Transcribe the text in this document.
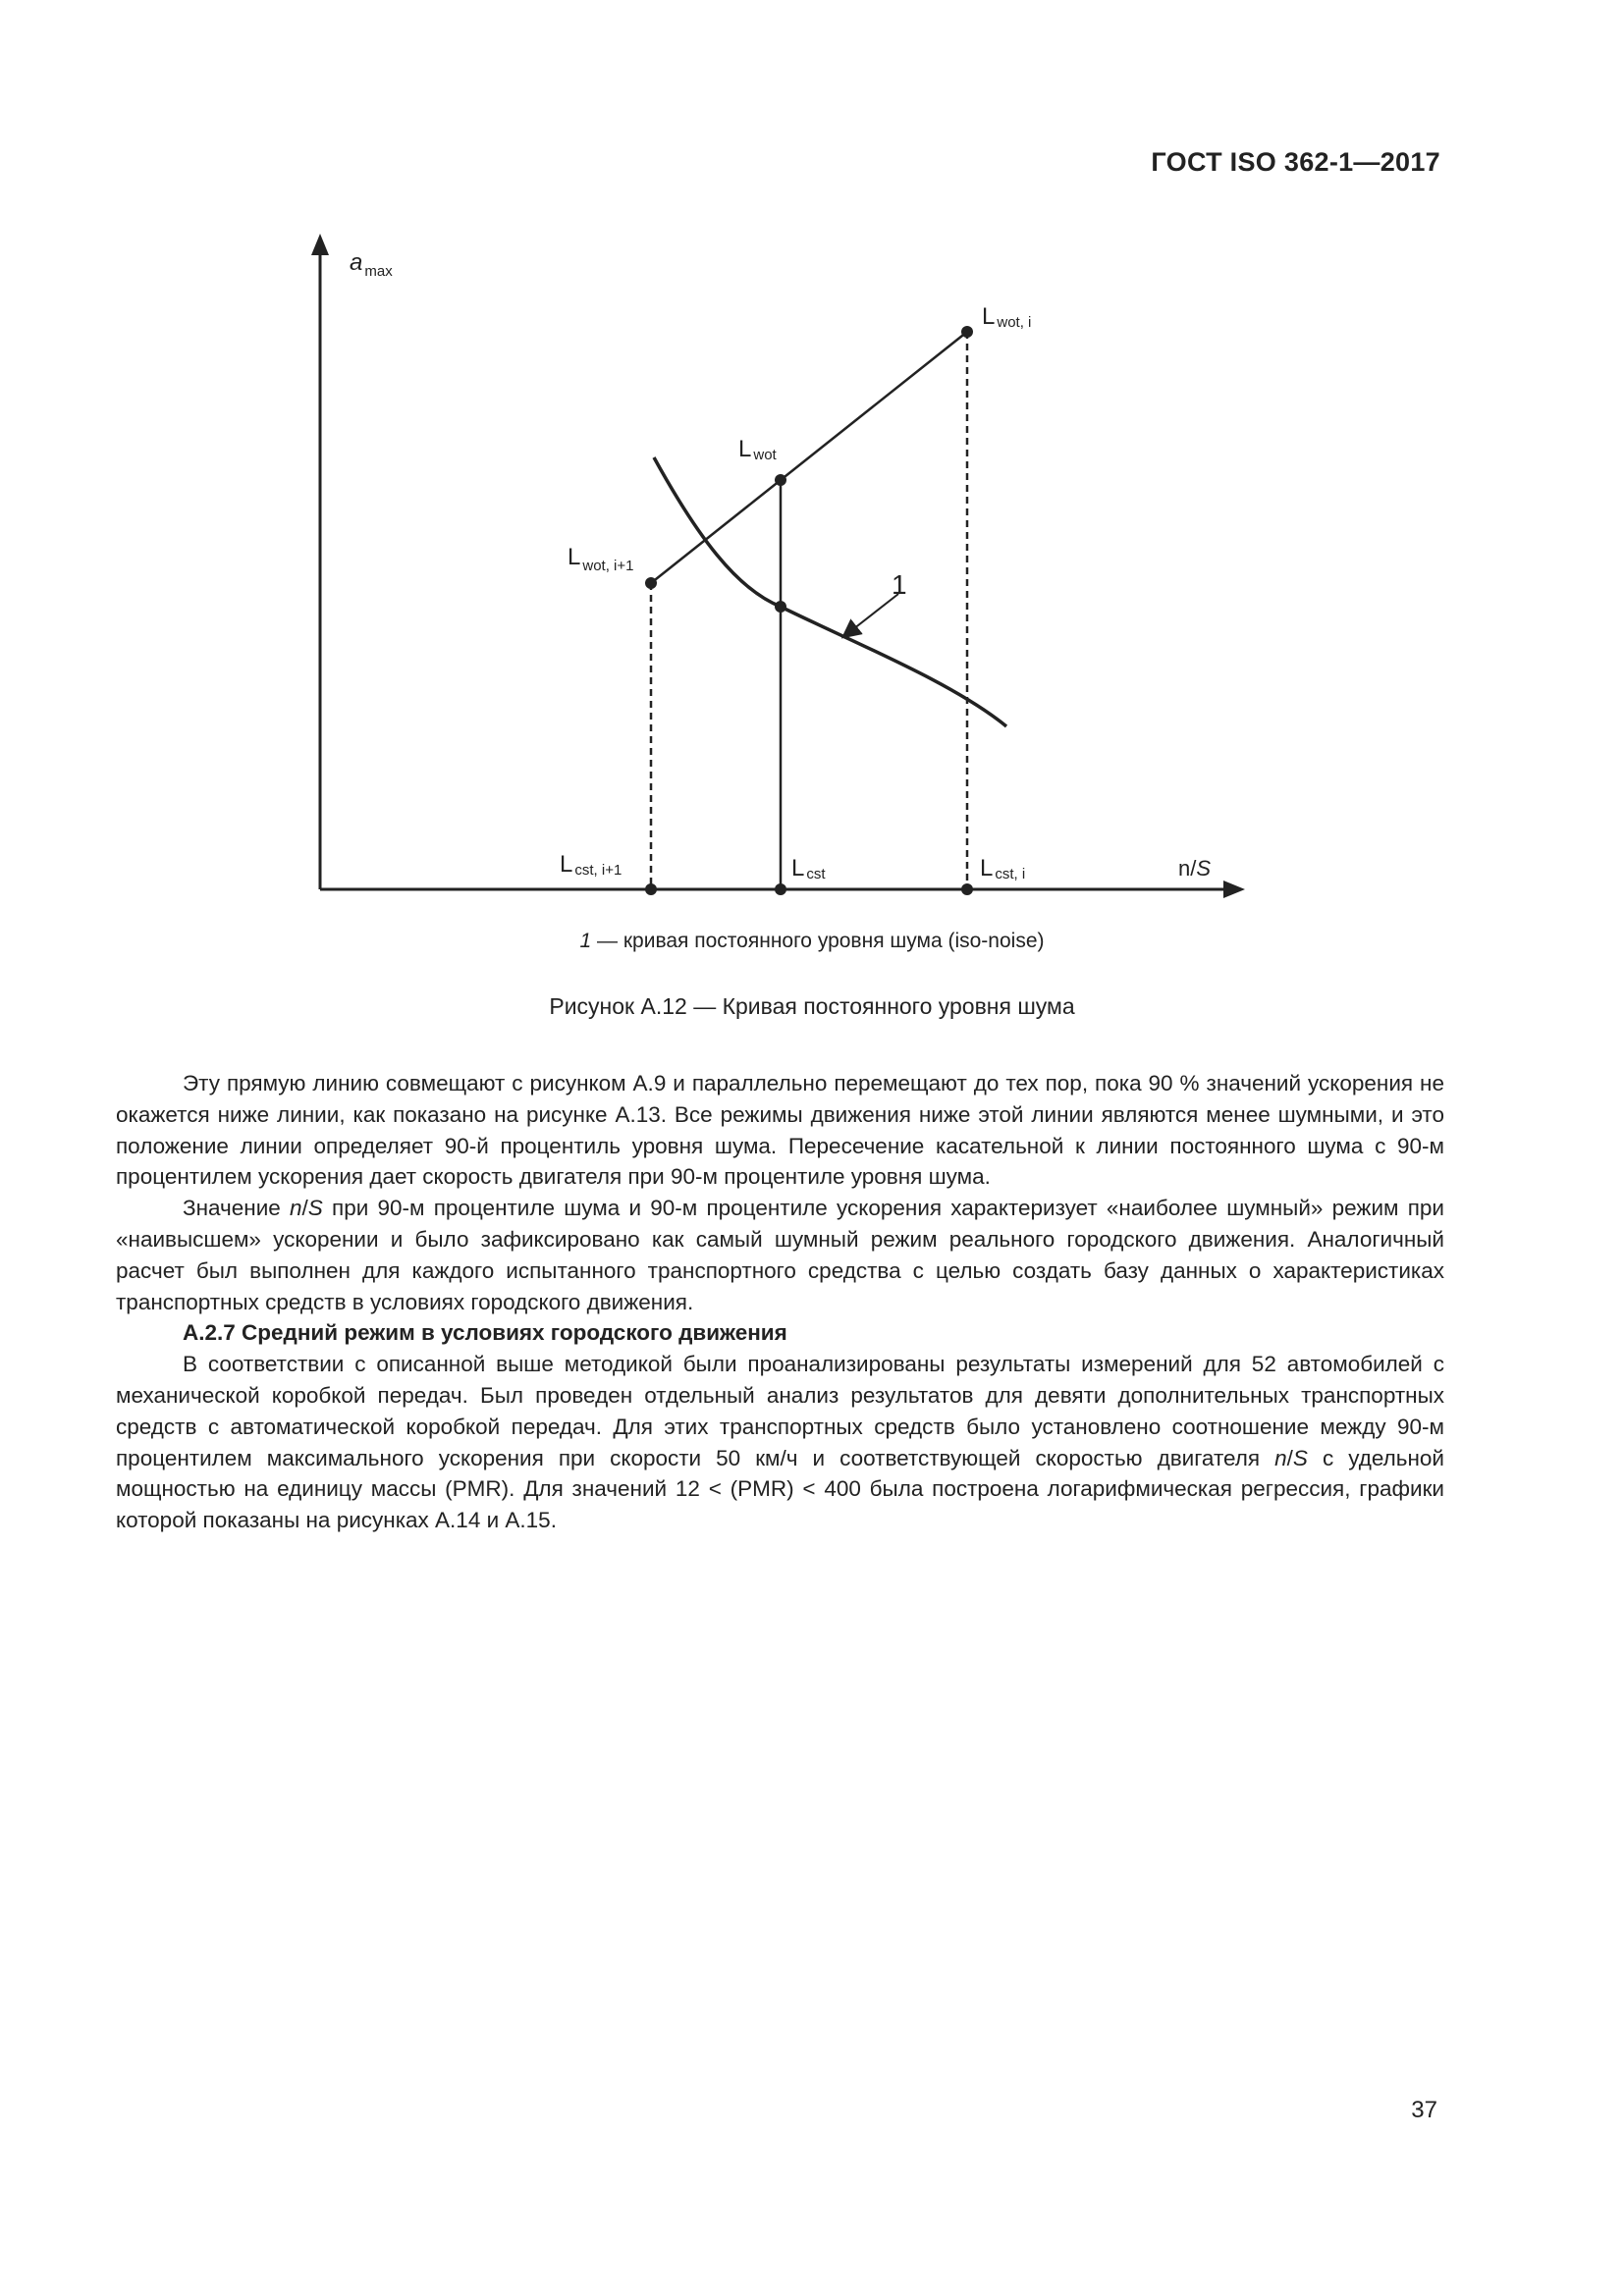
ГОСТ ISO 362-1—2017
a $_{max}$
n/S
Lwot, i
Lwot
L $_{wot, i+1}$
Lcst, i+1	Lcst	Lcst, i
1
1 — кривая постоянного уровня шума (iso-noise)
Рисунок А.12 — Кривая постоянного уровня шума

Эту прямую линию совмещают с рисунком А.9 и параллельно перемещают до тех пор, пока 90 % значений ускорения не окажется ниже линии, как показано на рисунке А.13. Все режимы движения ниже этой линии являются менее шумными, и это положение линии определяет 90-й процентиль уровня шума. Пересечение касательной к линии постоянного шума с 90-м процентилем ускорения дает скорость двигателя при 90-м процентиле уровня шума.

Значение n/S при 90-м процентиле шума и 90-м процентиле ускорения характеризует «наиболее шумный» режим при «наивысшем» ускорении и было зафиксировано как самый шумный режим реального городского движения. Аналогичный расчет был выполнен для каждого испытанного транспортного средства с целью создать базу данных о характеристиках транспортных средств в условиях городского движения.

А.2.7 Средний режим в условиях городского движения

В соответствии с описанной выше методикой были проанализированы результаты измерений для 52 автомобилей с механической коробкой передач. Был проведен отдельный анализ результатов для девяти дополнительных транспортных средств с автоматической коробкой передач. Для этих транспортных средств было установлено соотношение между 90-м процентилем максимального ускорения при скорости 50 км/ч и соответствующей скоростью двигателя n/S с удельной мощностью на единицу массы (PMR). Для значений 12 < (PMR) < 400 была построена логарифмическая регрессия, графики которой показаны на рисунках А.14 и А.15.

37
